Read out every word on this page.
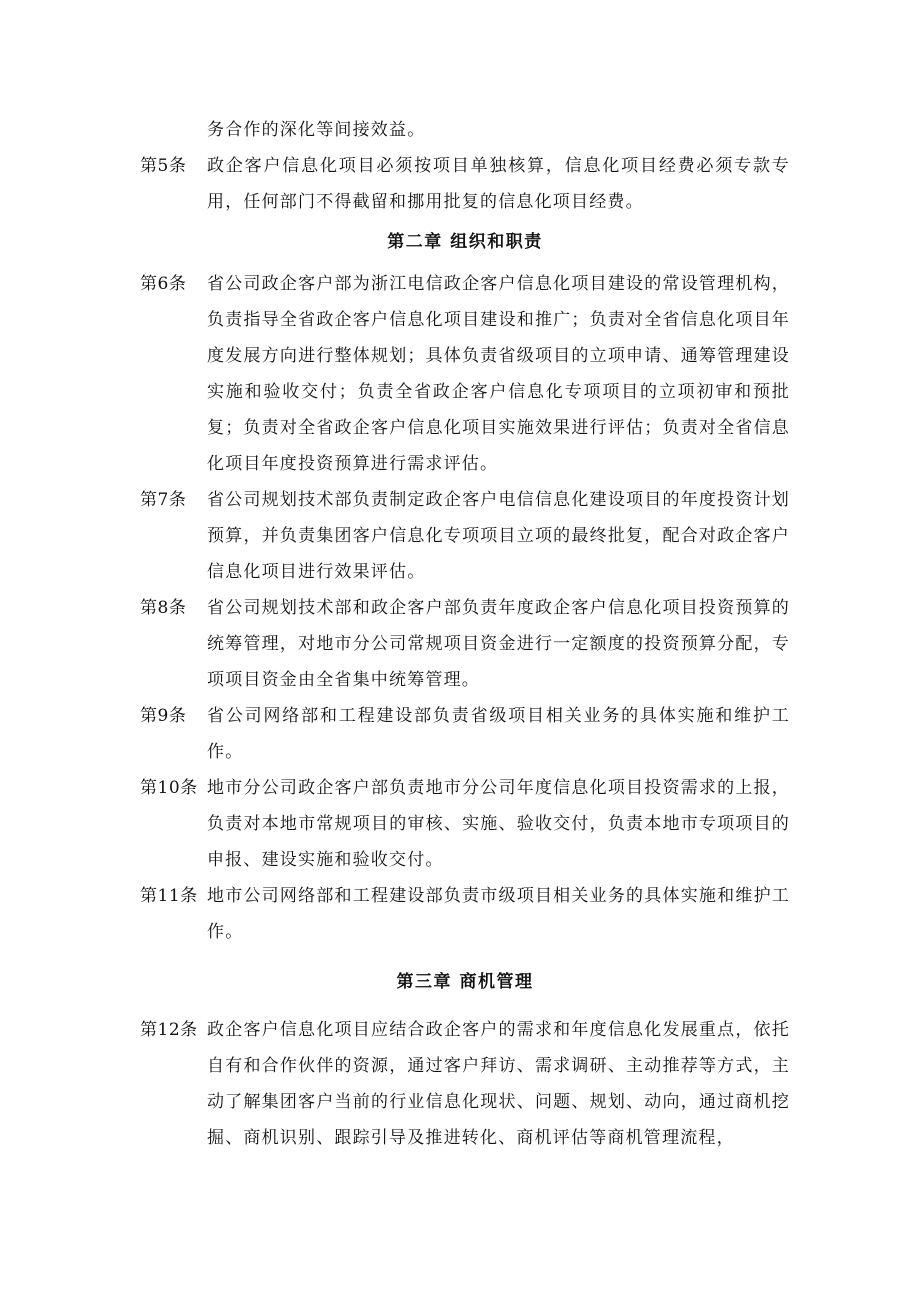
务合作的深化等间接效益。
第5条	政企客户信息化项目必须按项目单独核算，信息化项目经费必须专款专用，任何部门不得截留和挪用批复的信息化项目经费。
第二章 组织和职责
第6条	省公司政企客户部为浙江电信政企客户信息化项目建设的常设管理机构，负责指导全省政企客户信息化项目建设和推广；负责对全省信息化项目年度发展方向进行整体规划；具体负责省级项目的立项申请、通筹管理建设实施和验收交付；负责全省政企客户信息化专项项目的立项初审和预批复；负责对全省政企客户信息化项目实施效果进行评估；负责对全省信息化项目年度投资预算进行需求评估。
第7条	省公司规划技术部负责制定政企客户电信信息化建设项目的年度投资计划预算，并负责集团客户信息化专项项目立项的最终批复，配合对政企客户信息化项目进行效果评估。
第8条	省公司规划技术部和政企客户部负责年度政企客户信息化项目投资预算的统筹管理，对地市分公司常规项目资金进行一定额度的投资预算分配，专项项目资金由全省集中统筹管理。
第9条	省公司网络部和工程建设部负责省级项目相关业务的具体实施和维护工作。
第10条 地市分公司政企客户部负责地市分公司年度信息化项目投资需求的上报，负责对本地市常规项目的审核、实施、验收交付，负责本地市专项项目的申报、建设实施和验收交付。
第11条 地市公司网络部和工程建设部负责市级项目相关业务的具体实施和维护工作。
第三章 商机管理
第12条 政企客户信息化项目应结合政企客户的需求和年度信息化发展重点，依托自有和合作伙伴的资源，通过客户拜访、需求调研、主动推荐等方式，主动了解集团客户当前的行业信息化现状、问题、规划、动向，通过商机挖掘、商机识别、跟踪引导及推进转化、商机评估等商机管理流程，
